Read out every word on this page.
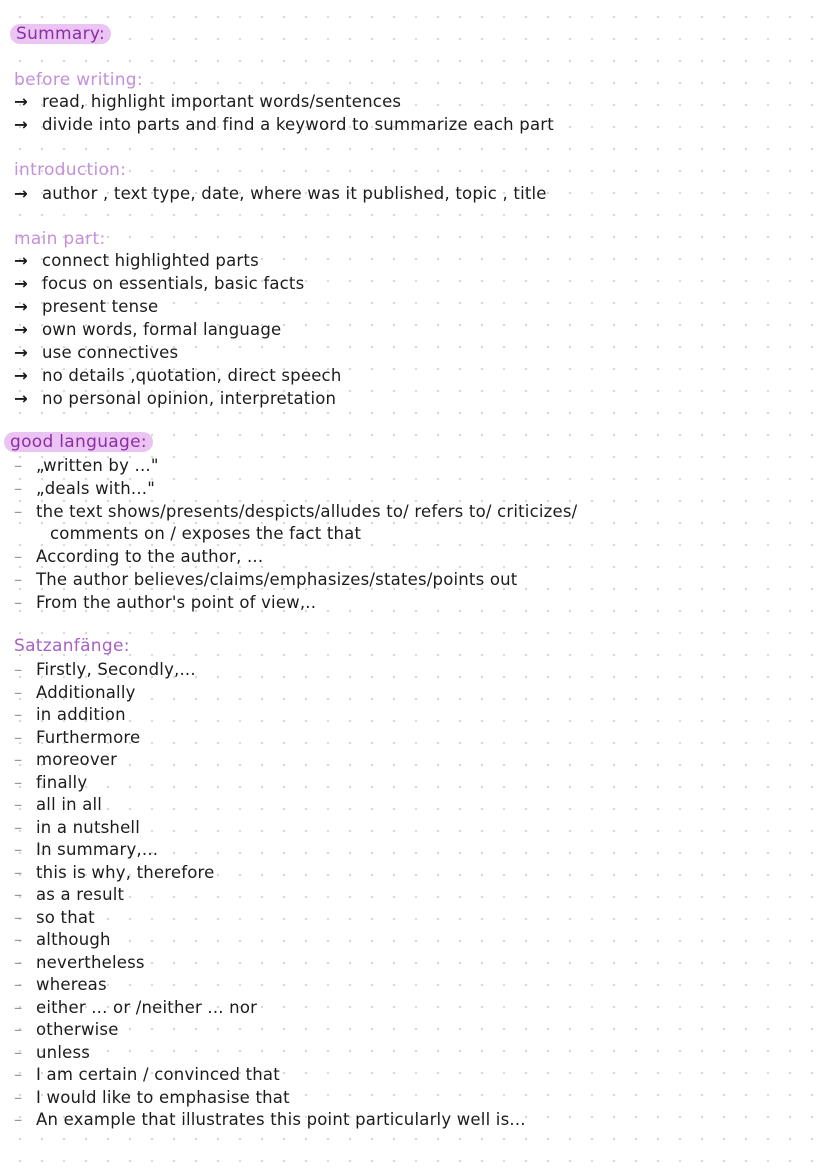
Summary:
before writing:
→ read, highlight important words/sentences
→ divide into parts and find a keyword to summarize each part
introduction:
→ author , text type, date, where was it published, topic , title
main part:
→ connect highlighted parts
→ focus on essentials, basic facts
→ present tense
→ own words, formal language
→ use connectives
→ no details ,quotation, direct speech
→ no personal opinion, interpretation
good language:
– „written by ..."
– „deals with..."
– the text shows/presents/despicts/alludes to/ refers to/ criticizes/
comments on / exposes the fact that
– According to the author, ...
– The author believes/claims/emphasizes/states/points out
– From the author's point of view,..
Satzanfänge:
– Firstly, Secondly,...
– Additionally
– in addition
– Furthermore
– moreover
– finally
– all in all
– in a nutshell
– In summary,...
– this is why, therefore
– as a result
– so that
– although
– nevertheless
– whereas
– either ... or /neither ... nor
– otherwise
– unless
– I am certain / convinced that
– I would like to emphasise that
– An example that illustrates this point particularly well is...
